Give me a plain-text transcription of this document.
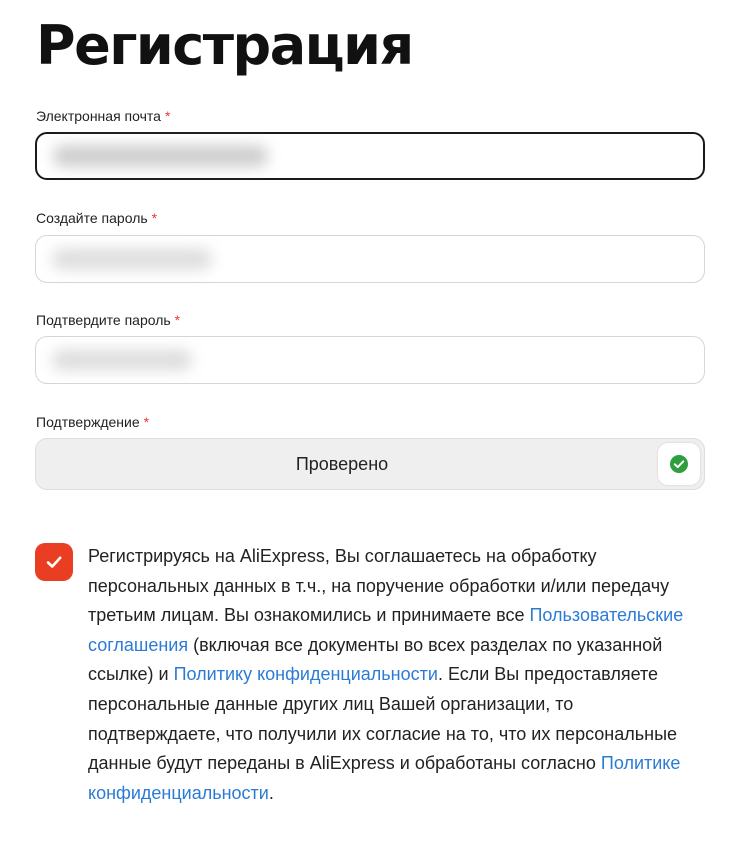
Регистрация
Электронная почта *
Создайте пароль *
Подтвердите пароль *
Подтверждение *
Проверено

Регистрируясь на AliExpress, Вы соглашаетесь на обработку персональных данных в т.ч., на поручение обработки и/или передачу третьим лицам. Вы ознакомились и принимаете все Пользовательские соглашения (включая все документы во всех разделах по указанной ссылке) и Политику конфиденциальности. Если Вы предоставляете персональные данные других лиц Вашей организации, то подтверждаете, что получили их согласие на то, что их персональные данные будут переданы в AliExpress и обработаны согласно Политике конфиденциальности.
